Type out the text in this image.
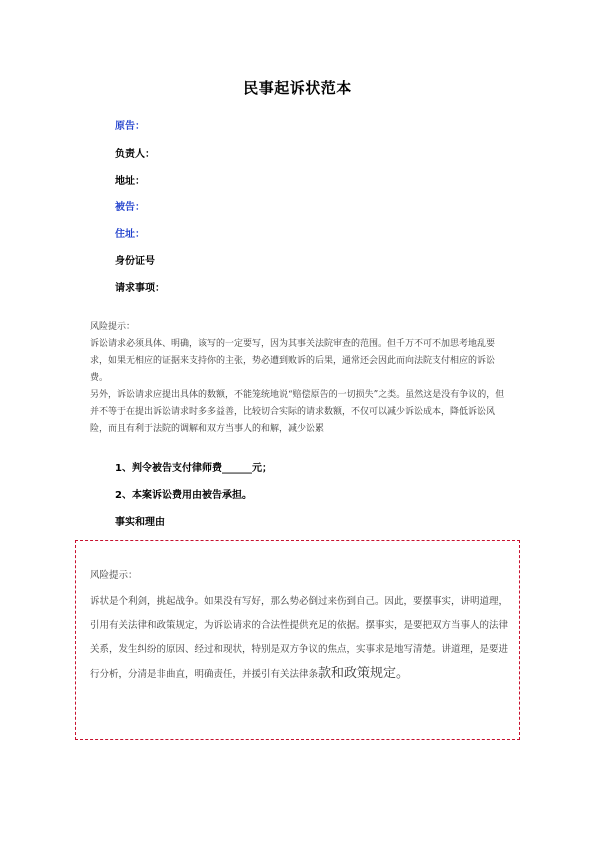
民事起诉状范本
原告：
负责人：
地址：
被告：
住址：
身份证号
请求事项：

风险提示：

诉讼请求必须具体、明确，该写的一定要写，因为其事关法院审查的范围。但千万不可不加思考地乱要求，如果无相应的证据来支持你的主张，势必遭到败诉的后果，通常还会因此而向法院支付相应的诉讼费。

另外，诉讼请求应提出具体的数额，不能笼统地说“赔偿原告的一切损失”之类。虽然这是没有争议的，但并不等于在提出诉讼请求时多多益善，比较切合实际的请求数额，不仅可以减少诉讼成本，降低诉讼风险，而且有利于法院的调解和双方当事人的和解，减少讼累

1、判令被告支付律师费______元；
2、本案诉讼费用由被告承担。
事实和理由
风险提示：
诉状是个利剑，挑起战争。如果没有写好，那么势必倒过来伤到自己。因此，要摆事实，讲明道理，引用有关法律和政策规定，为诉讼请求的合法性提供充足的依据。摆事实，是要把双方当事人的法律关系，发生纠纷的原因、经过和现状，特别是双方争议的焦点，实事求是地写清楚。讲道理，是要进行分析，分清是非曲直，明确责任，并援引有关法律条款和政策规定。
